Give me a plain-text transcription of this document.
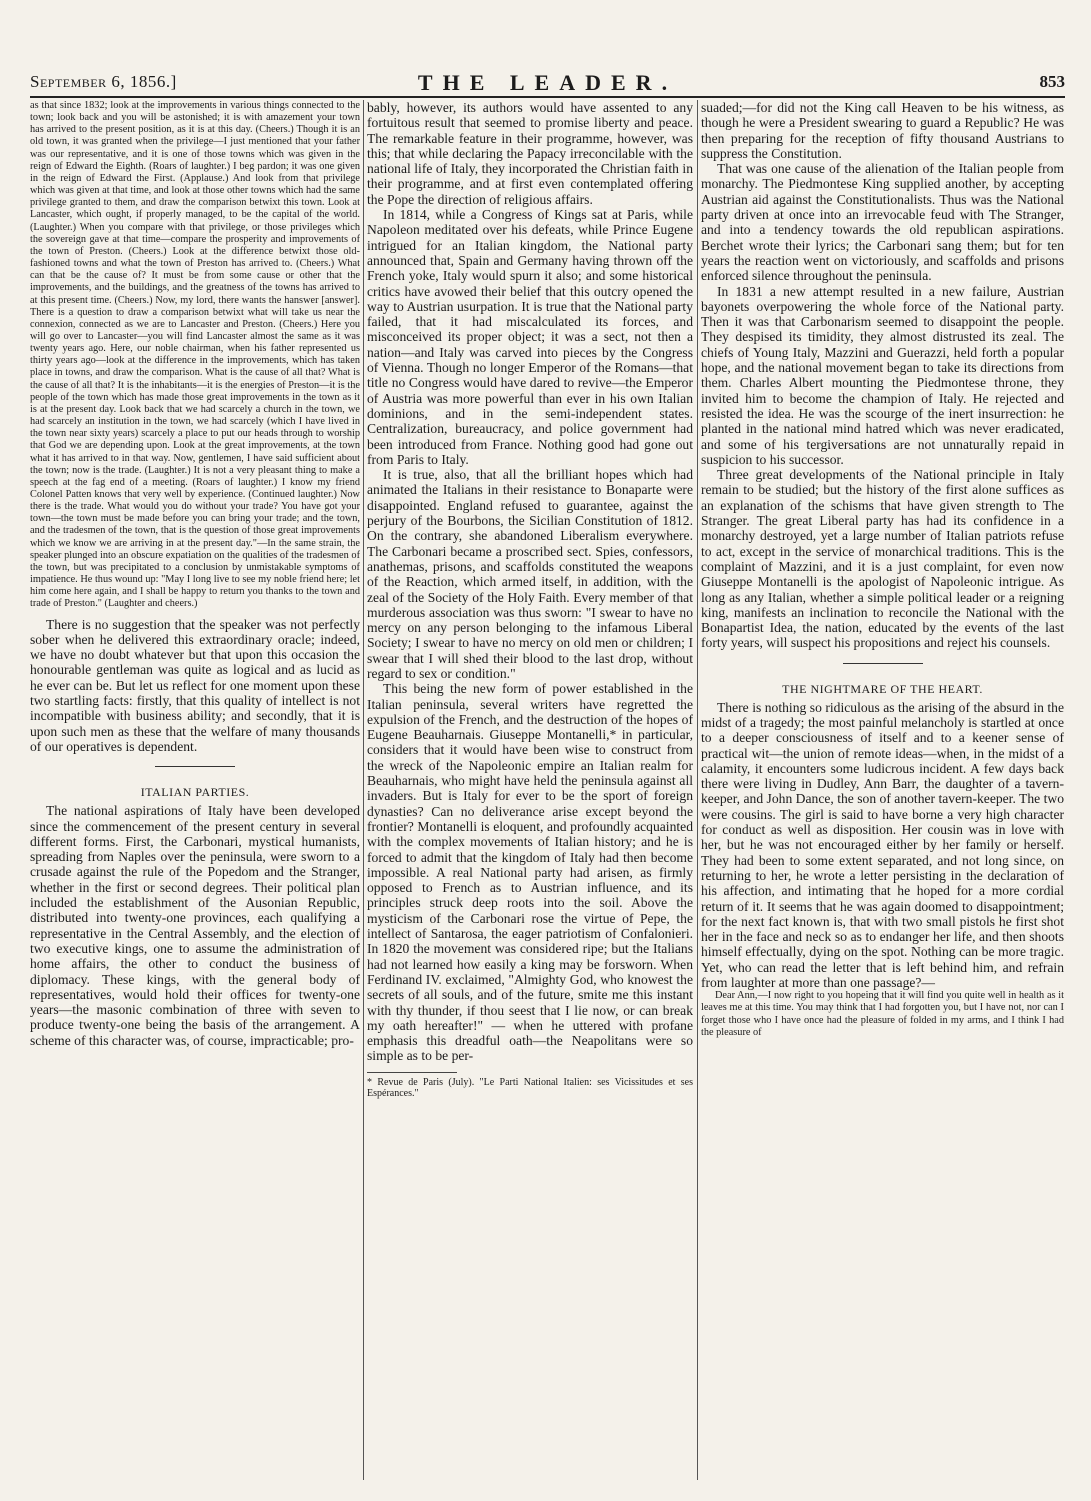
September 6, 1856.]	THE LEADER.	853

as that since 1832; look at the improvements in various things connected to the town; look back and you will be astonished; it is with amazement your town has arrived to the present position, as it is at this day. (Cheers.) Though it is an old town, it was granted when the privilege—I just mentioned that your father was our representative, and it is one of those towns which was given in the reign of Edward the Eighth. (Roars of laughter.) I beg pardon; it was one given in the reign of Edward the First. (Applause.) And look from that privilege which was given at that time, and look at those other towns which had the same privilege granted to them, and draw the comparison betwixt this town. Look at Lancaster, which ought, if properly managed, to be the capital of the world. (Laughter.) When you compare with that privilege, or those privileges which the sovereign gave at that time—compare the prosperity and improvements of the town of Preston. (Cheers.) Look at the difference betwixt those old-fashioned towns and what the town of Preston has arrived to. (Cheers.) What can that be the cause of? It must be from some cause or other that the improvements, and the buildings, and the greatness of the towns has arrived to at this present time. (Cheers.) Now, my lord, there wants the hanswer [answer]. There is a question to draw a comparison betwixt what will take us near the connexion, connected as we are to Lancaster and Preston. (Cheers.) Here you will go over to Lancaster—you will find Lancaster almost the same as it was twenty years ago. Here, our noble chairman, when his father represented us thirty years ago—look at the difference in the improvements, which has taken place in towns, and draw the comparison. What is the cause of all that? What is the cause of all that? It is the inhabitants—it is the energies of Preston—it is the people of the town which has made those great improvements in the town as it is at the present day. Look back that we had scarcely a church in the town, we had scarcely an institution in the town, we had scarcely (which I have lived in the town near sixty years) scarcely a place to put our heads through to worship that God we are depending upon. Look at the great improvements, at the town what it has arrived to in that way. Now, gentlemen, I have said sufficient about the town; now is the trade. (Laughter.) It is not a very pleasant thing to make a speech at the fag end of a meeting. (Roars of laughter.) I know my friend Colonel Patten knows that very well by experience. (Continued laughter.) Now there is the trade. What would you do without your trade? You have got your town—the town must be made before you can bring your trade; and the town, and the tradesmen of the town, that is the question of those great improvements which we know we are arriving in at the present day."—In the same strain, the speaker plunged into an obscure expatiation on the qualities of the tradesmen of the town, but was precipitated to a conclusion by unmistakable symptoms of impatience. He thus wound up: "May I long live to see my noble friend here; let him come here again, and I shall be happy to return you thanks to the town and trade of Preston." (Laughter and cheers.)

There is no suggestion that the speaker was not perfectly sober when he delivered this extraordinary oracle; indeed, we have no doubt whatever but that upon this occasion the honourable gentleman was quite as logical and as lucid as he ever can be. But let us reflect for one moment upon these two startling facts: firstly, that this quality of intellect is not incompatible with business ability; and secondly, that it is upon such men as these that the welfare of many thousands of our operatives is dependent.

ITALIAN PARTIES.

The national aspirations of Italy have been developed since the commencement of the present century in several different forms. First, the Carbonari, mystical humanists, spreading from Naples over the peninsula, were sworn to a crusade against the rule of the Popedom and the Stranger, whether in the first or second degrees. Their political plan included the establishment of the Ausonian Republic, distributed into twenty-one provinces, each qualifying a representative in the Central Assembly, and the election of two executive kings, one to assume the administration of home affairs, the other to conduct the business of diplomacy. These kings, with the general body of representatives, would hold their offices for twenty-one years—the masonic combination of three with seven to produce twenty-one being the basis of the arrangement. A scheme of this character was, of course, impracticable; pro-

bably, however, its authors would have assented to any fortuitous result that seemed to promise liberty and peace. The remarkable feature in their programme, however, was this; that while declaring the Papacy irreconcilable with the national life of Italy, they incorporated the Christian faith in their programme, and at first even contemplated offering the Pope the direction of religious affairs.

In 1814, while a Congress of Kings sat at Paris, while Napoleon meditated over his defeats, while Prince Eugene intrigued for an Italian kingdom, the National party announced that, Spain and Germany having thrown off the French yoke, Italy would spurn it also; and some historical critics have avowed their belief that this outcry opened the way to Austrian usurpation. It is true that the National party failed, that it had miscalculated its forces, and misconceived its proper object; it was a sect, not then a nation—and Italy was carved into pieces by the Congress of Vienna. Though no longer Emperor of the Romans—that title no Congress would have dared to revive—the Emperor of Austria was more powerful than ever in his own Italian dominions, and in the semi-independent states. Centralization, bureaucracy, and police government had been introduced from France. Nothing good had gone out from Paris to Italy.

It is true, also, that all the brilliant hopes which had animated the Italians in their resistance to Bonaparte were disappointed. England refused to guarantee, against the perjury of the Bourbons, the Sicilian Constitution of 1812. On the contrary, she abandoned Liberalism everywhere. The Carbonari became a proscribed sect. Spies, confessors, anathemas, prisons, and scaffolds constituted the weapons of the Reaction, which armed itself, in addition, with the zeal of the Society of the Holy Faith. Every member of that murderous association was thus sworn: "I swear to have no mercy on any person belonging to the infamous Liberal Society; I swear to have no mercy on old men or children; I swear that I will shed their blood to the last drop, without regard to sex or condition."

This being the new form of power established in the Italian peninsula, several writers have regretted the expulsion of the French, and the destruction of the hopes of Eugene Beauharnais. Giuseppe Montanelli,* in particular, considers that it would have been wise to construct from the wreck of the Napoleonic empire an Italian realm for Beauharnais, who might have held the peninsula against all invaders. But is Italy for ever to be the sport of foreign dynasties? Can no deliverance arise except beyond the frontier? Montanelli is eloquent, and profoundly acquainted with the complex movements of Italian history; and he is forced to admit that the kingdom of Italy had then become impossible. A real National party had arisen, as firmly opposed to French as to Austrian influence, and its principles struck deep roots into the soil. Above the mysticism of the Carbonari rose the virtue of Pepe, the intellect of Santarosa, the eager patriotism of Confalonieri. In 1820 the movement was considered ripe; but the Italians had not learned how easily a king may be forsworn. When Ferdinand IV. exclaimed, "Almighty God, who knowest the secrets of all souls, and of the future, smite me this instant with thy thunder, if thou seest that I lie now, or can break my oath hereafter!" — when he uttered with profane emphasis this dreadful oath—the Neapolitans were so simple as to be per-

* Revue de Paris (July). "Le Parti National Italien: ses Vicissitudes et ses Espérances."

suaded;—for did not the King call Heaven to be his witness, as though he were a President swearing to guard a Republic? He was then preparing for the reception of fifty thousand Austrians to suppress the Constitution.

That was one cause of the alienation of the Italian people from monarchy. The Piedmontese King supplied another, by accepting Austrian aid against the Constitutionalists. Thus was the National party driven at once into an irrevocable feud with The Stranger, and into a tendency towards the old republican aspirations. Berchet wrote their lyrics; the Carbonari sang them; but for ten years the reaction went on victoriously, and scaffolds and prisons enforced silence throughout the peninsula.

In 1831 a new attempt resulted in a new failure, Austrian bayonets overpowering the whole force of the National party. Then it was that Carbonarism seemed to disappoint the people. They despised its timidity, they almost distrusted its zeal. The chiefs of Young Italy, Mazzini and Guerazzi, held forth a popular hope, and the national movement began to take its directions from them. Charles Albert mounting the Piedmontese throne, they invited him to become the champion of Italy. He rejected and resisted the idea. He was the scourge of the inert insurrection: he planted in the national mind hatred which was never eradicated, and some of his tergiversations are not unnaturally repaid in suspicion to his successor.

Three great developments of the National principle in Italy remain to be studied; but the history of the first alone suffices as an explanation of the schisms that have given strength to The Stranger. The great Liberal party has had its confidence in a monarchy destroyed, yet a large number of Italian patriots refuse to act, except in the service of monarchical traditions. This is the complaint of Mazzini, and it is a just complaint, for even now Giuseppe Montanelli is the apologist of Napoleonic intrigue. As long as any Italian, whether a simple political leader or a reigning king, manifests an inclination to reconcile the National with the Bonapartist Idea, the nation, educated by the events of the last forty years, will suspect his propositions and reject his counsels.

THE NIGHTMARE OF THE HEART.

There is nothing so ridiculous as the arising of the absurd in the midst of a tragedy; the most painful melancholy is startled at once to a deeper consciousness of itself and to a keener sense of practical wit—the union of remote ideas—when, in the midst of a calamity, it encounters some ludicrous incident. A few days back there were living in Dudley, Ann Barr, the daughter of a tavern-keeper, and John Dance, the son of another tavern-keeper. The two were cousins. The girl is said to have borne a very high character for conduct as well as disposition. Her cousin was in love with her, but he was not encouraged either by her family or herself. They had been to some extent separated, and not long since, on returning to her, he wrote a letter persisting in the declaration of his affection, and intimating that he hoped for a more cordial return of it. It seems that he was again doomed to disappointment; for the next fact known is, that with two small pistols he first shot her in the face and neck so as to endanger her life, and then shoots himself effectually, dying on the spot. Nothing can be more tragic. Yet, who can read the letter that is left behind him, and refrain from laughter at more than one passage?—

Dear Ann,—I now right to you hopeing that it will find you quite well in health as it leaves me at this time. You may think that I had forgotten you, but I have not, nor can I forget those who I have once had the pleasure of folded in my arms, and I think I had the pleasure of
